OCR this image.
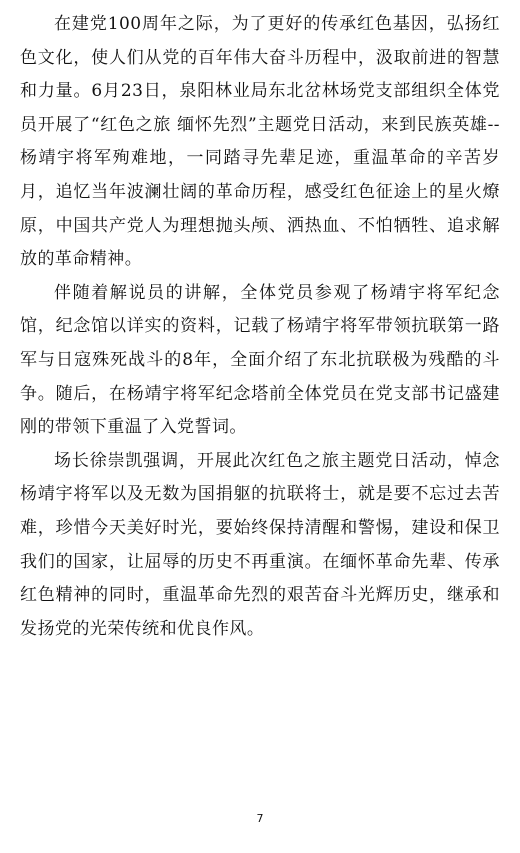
在建党100周年之际，为了更好的传承红色基因，弘扬红色文化，使人们从党的百年伟大奋斗历程中，汲取前进的智慧和力量。6月23日，泉阳林业局东北岔林场党支部组织全体党员开展了“红色之旅 缅怀先烈”主题党日活动，来到民族英雄--杨靖宇将军殉难地，一同踏寻先辈足迹，重温革命的辛苦岁月，追忆当年波澜壮阔的革命历程，感受红色征途上的星火燎原，中国共产党人为理想抛头颅、洒热血、不怕牺牲、追求解放的革命精神。

伴随着解说员的讲解，全体党员参观了杨靖宇将军纪念馆，纪念馆以详实的资料，记载了杨靖宇将军带领抗联第一路军与日寇殊死战斗的8年，全面介绍了东北抗联极为残酷的斗争。随后，在杨靖宇将军纪念塔前全体党员在党支部书记盛建刚的带领下重温了入党誓词。

场长徐崇凯强调，开展此次红色之旅主题党日活动，悼念杨靖宇将军以及无数为国捐躯的抗联将士，就是要不忘过去苦难，珍惜今天美好时光，要始终保持清醒和警惕，建设和保卫我们的国家，让屈辱的历史不再重演。在缅怀革命先辈、传承红色精神的同时，重温革命先烈的艰苦奋斗光辉历史，继承和发扬党的光荣传统和优良作风。

7
